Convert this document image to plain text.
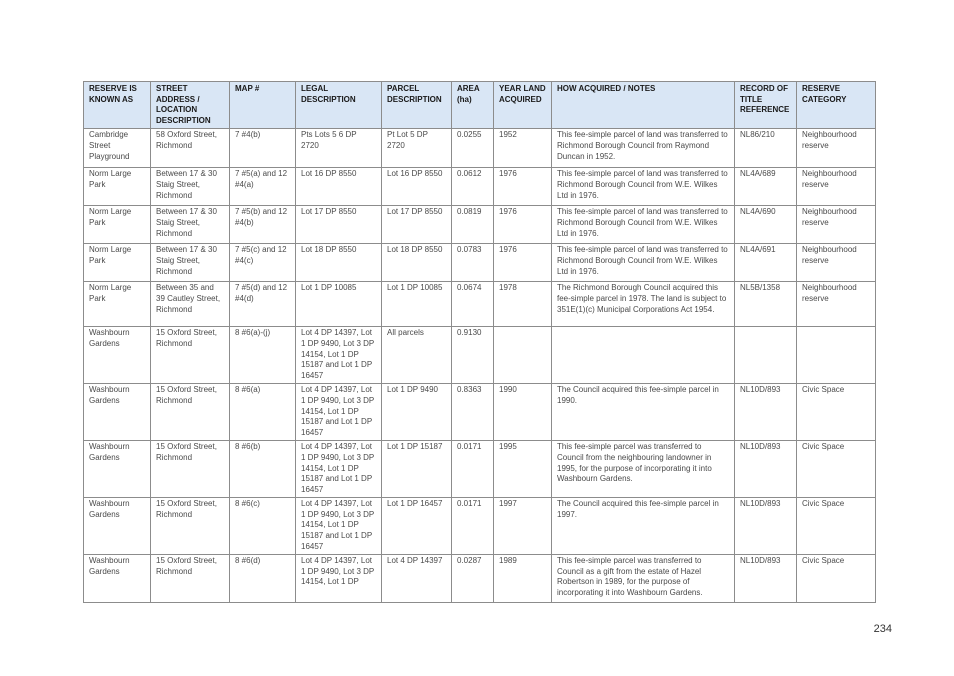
RESERVE IS KNOWN AS	STREET ADDRESS / LOCATION DESCRIPTION	MAP #	LEGAL DESCRIPTION	PARCEL DESCRIPTION	AREA (ha)	YEAR LAND ACQUIRED	HOW ACQUIRED / NOTES	RECORD OF TITLE REFERENCE	RESERVE CATEGORY
Cambridge Street Playground	58 Oxford Street, Richmond	7 #4(b)	Pts Lots 5 6 DP 2720	Pt Lot 5 DP 2720	0.0255	1952	This fee-simple parcel of land was transferred to Richmond Borough Council from Raymond Duncan in 1952.	NL86/210	Neighbourhood reserve
Norm Large Park	Between 17 & 30 Staig Street, Richmond	7 #5(a) and 12 #4(a)	Lot 16 DP 8550	Lot 16 DP 8550	0.0612	1976	This fee-simple parcel of land was transferred to Richmond Borough Council from W.E. Wilkes Ltd in 1976.	NL4A/689	Neighbourhood reserve
Norm Large Park	Between 17 & 30 Staig Street, Richmond	7 #5(b) and 12 #4(b)	Lot 17 DP 8550	Lot 17 DP 8550	0.0819	1976	This fee-simple parcel of land was transferred to Richmond Borough Council from W.E. Wilkes Ltd in 1976.	NL4A/690	Neighbourhood reserve
Norm Large Park	Between 17 & 30 Staig Street, Richmond	7 #5(c) and 12 #4(c)	Lot 18 DP 8550	Lot 18 DP 8550	0.0783	1976	This fee-simple parcel of land was transferred to Richmond Borough Council from W.E. Wilkes Ltd in 1976.	NL4A/691	Neighbourhood reserve
Norm Large Park	Between 35 and 39 Cautley Street, Richmond	7 #5(d) and 12 #4(d)	Lot 1 DP 10085	Lot 1 DP 10085	0.0674	1978	The Richmond Borough Council acquired this fee-simple parcel in 1978. The land is subject to 351E(1)(c) Municipal Corporations Act 1954.	NL5B/1358	Neighbourhood reserve
Washbourn Gardens	15 Oxford Street, Richmond	8 #6(a)-(j)	Lot 4 DP 14397, Lot 1 DP 9490, Lot 3 DP 14154, Lot 1 DP 15187 and Lot 1 DP 16457	All parcels	0.9130				
Washbourn Gardens	15 Oxford Street, Richmond	8 #6(a)	Lot 4 DP 14397, Lot 1 DP 9490, Lot 3 DP 14154, Lot 1 DP 15187 and Lot 1 DP 16457	Lot 1 DP 9490	0.8363	1990	The Council acquired this fee-simple parcel in 1990.	NL10D/893	Civic Space
Washbourn Gardens	15 Oxford Street, Richmond	8 #6(b)	Lot 4 DP 14397, Lot 1 DP 9490, Lot 3 DP 14154, Lot 1 DP 15187 and Lot 1 DP 16457	Lot 1 DP 15187	0.0171	1995	This fee-simple parcel was transferred to Council from the neighbouring landowner in 1995, for the purpose of incorporating it into Washbourn Gardens.	NL10D/893	Civic Space
Washbourn Gardens	15 Oxford Street, Richmond	8 #6(c)	Lot 4 DP 14397, Lot 1 DP 9490, Lot 3 DP 14154, Lot 1 DP 15187 and Lot 1 DP 16457	Lot 1 DP 16457	0.0171	1997	The Council acquired this fee-simple parcel in 1997.	NL10D/893	Civic Space
Washbourn Gardens	15 Oxford Street, Richmond	8 #6(d)	Lot 4 DP 14397, Lot 1 DP 9490, Lot 3 DP 14154, Lot 1 DP	Lot 4 DP 14397	0.0287	1989	This fee-simple parcel was transferred to Council as a gift from the estate of Hazel Robertson in 1989, for the purpose of incorporating it into Washbourn Gardens.	NL10D/893	Civic Space
234
